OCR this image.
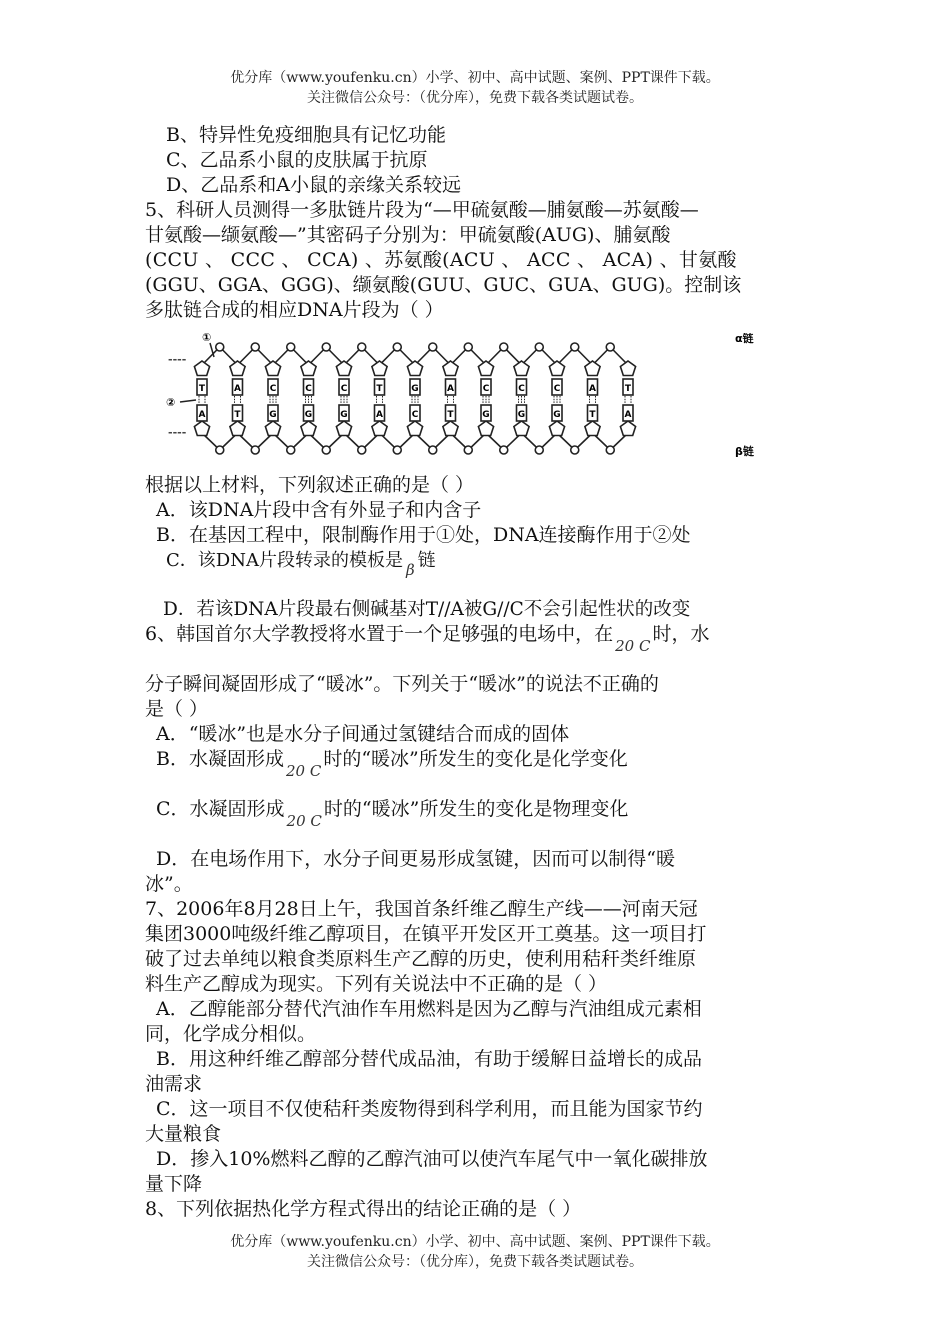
优分库（www.youfenku.cn）小学、初中、高中试题、案例、PPT课件下载。
关注微信公众号：（优分库），免费下载各类试题试卷。
B、特异性免疫细胞具有记忆功能
C、乙品系小鼠的皮肤属于抗原
D、乙品系和A小鼠的亲缘关系较远
5、科研人员测得一多肽链片段为“—甲硫氨酸—脯氨酸—苏氨酸—
甘氨酸—缬氨酸—”其密码子分别为：甲硫氨酸(AUG)、脯氨酸
(CCU 、 CCC 、 CCA) 、苏氨酸(ACU 、 ACC 、 ACA) 、甘氨酸
(GGU、GGA、GGG)、缬氨酸(GUU、GUC、GUA、GUG)。控制该
多肽链合成的相应DNA片段为（ ）
T
A
A
T
C
G
C
G
C
G
T
A
G
C
A
T
C
G
C
G
C
G
A
T
T
A
①
②
α链
β链
----
----
根据以上材料，下列叙述正确的是（ ）
A．该DNA片段中含有外显子和内含子
B．在基因工程中，限制酶作用于①处，DNA连接酶作用于②处
C．该DNA片段转录的模板是 $_\beta$ 链
D．若该DNA片段最右侧碱基对T//A被G//C不会引起性状的改变
6、韩国首尔大学教授将水置于一个足够强的电场中，在$_{20 C}$时，水
分子瞬间凝固形成了“暖冰”。下列关于“暖冰”的说法不正确的
是（ ）
A．“暖冰”也是水分子间通过氢键结合而成的固体
B．水凝固形成$_{20 C}$时的“暖冰”所发生的变化是化学变化
C．水凝固形成$_{20 C}$时的“暖冰”所发生的变化是物理变化
D．在电场作用下，水分子间更易形成氢键，因而可以制得“暖
冰”。
7、2006年8月28日上午，我国首条纤维乙醇生产线——河南天冠
集团3000吨级纤维乙醇项目，在镇平开发区开工奠基。这一项目打
破了过去单纯以粮食类原料生产乙醇的历史，使利用秸秆类纤维原
料生产乙醇成为现实。下列有关说法中不正确的是（ ）
A．乙醇能部分替代汽油作车用燃料是因为乙醇与汽油组成元素相
同，化学成分相似。
B．用这种纤维乙醇部分替代成品油，有助于缓解日益增长的成品
油需求
C．这一项目不仅使秸秆类废物得到科学利用，而且能为国家节约
大量粮食
D．掺入10%燃料乙醇的乙醇汽油可以使汽车尾气中一氧化碳排放
量下降
8、下列依据热化学方程式得出的结论正确的是（ ）
优分库（www.youfenku.cn）小学、初中、高中试题、案例、PPT课件下载。
关注微信公众号：（优分库），免费下载各类试题试卷。
